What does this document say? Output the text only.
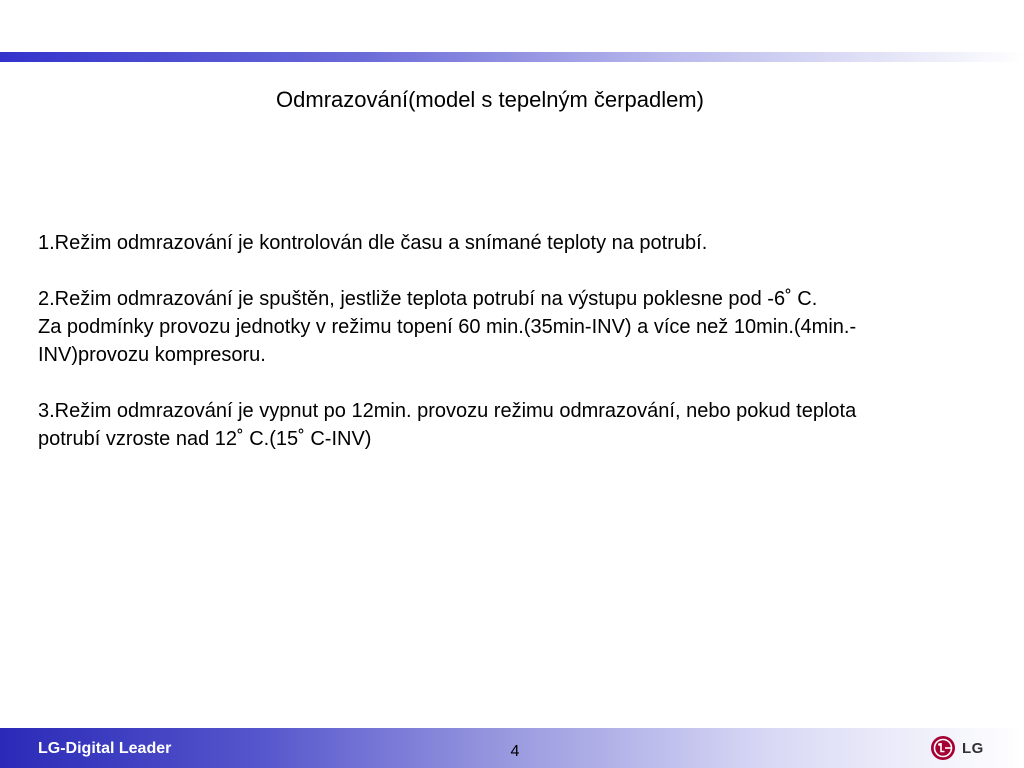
Odmrazování(model s tepelným čerpadlem)

1.Režim odmrazování je kontrolován dle času a snímané teploty na potrubí.

2.Režim odmrazování je spuštěn, jestliže teplota potrubí na výstupu poklesne pod -6˚ C.

Za podmínky provozu jednotky v režimu topení 60 min.(35min-INV) a více než 10min.(4min.-

INV)provozu kompresoru.

3.Režim odmrazování je vypnut po 12min. provozu režimu odmrazování, nebo pokud teplota

potrubí vzroste nad 12˚ C.(15˚ C-INV)

LG-Digital Leader	4	LG
